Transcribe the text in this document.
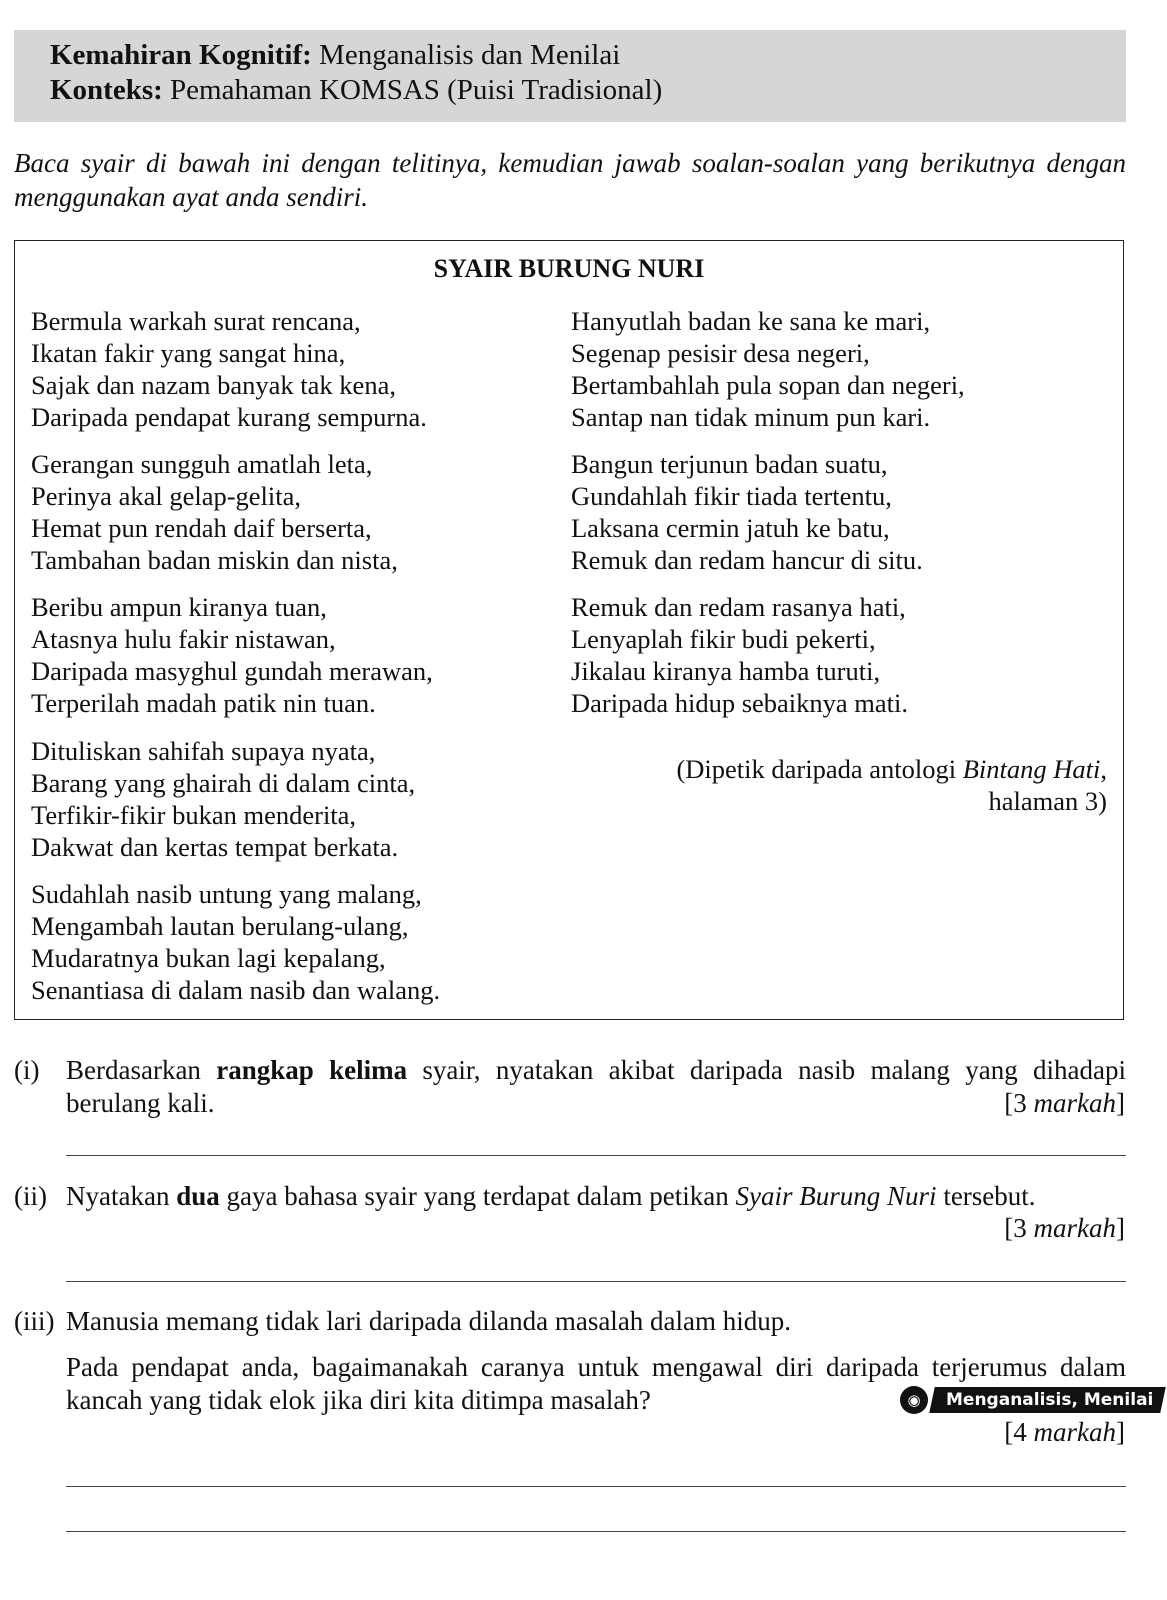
Kemahiran Kognitif: Menganalisis dan Menilai
Konteks: Pemahaman KOMSAS (Puisi Tradisional)
Baca syair di bawah ini dengan telitinya, kemudian jawab soalan-soalan yang berikutnya dengan menggunakan ayat anda sendiri.
SYAIR BURUNG NURI
Bermula warkah surat rencana,
Ikatan fakir yang sangat hina,
Sajak dan nazam banyak tak kena,
Daripada pendapat kurang sempurna.
Gerangan sungguh amatlah leta,
Perinya akal gelap-gelita,
Hemat pun rendah daif berserta,
Tambahan badan miskin dan nista,
Beribu ampun kiranya tuan,
Atasnya hulu fakir nistawan,
Daripada masyghul gundah merawan,
Terperilah madah patik nin tuan.
Dituliskan sahifah supaya nyata,
Barang yang ghairah di dalam cinta,
Terfikir-fikir bukan menderita,
Dakwat dan kertas tempat berkata.
Sudahlah nasib untung yang malang,
Mengambah lautan berulang-ulang,
Mudaratnya bukan lagi kepalang,
Senantiasa di dalam nasib dan walang.
Hanyutlah badan ke sana ke mari,
Segenap pesisir desa negeri,
Bertambahlah pula sopan dan negeri,
Santap nan tidak minum pun kari.
Bangun terjunun badan suatu,
Gundahlah fikir tiada tertentu,
Laksana cermin jatuh ke batu,
Remuk dan redam hancur di situ.
Remuk dan redam rasanya hati,
Lenyaplah fikir budi pekerti,
Jikalau kiranya hamba turuti,
Daripada hidup sebaiknya mati.
(Dipetik daripada antologi Bintang Hati,
halaman 3)
(i) Berdasarkan rangkap kelima syair, nyatakan akibat daripada nasib malang yang dihadapi berulang kali.	[3 markah]
(ii) Nyatakan dua gaya bahasa syair yang terdapat dalam petikan Syair Burung Nuri tersebut.
[3 markah]
(iii) Manusia memang tidak lari daripada dilanda masalah dalam hidup.
Pada pendapat anda, bagaimanakah caranya untuk mengawal diri daripada terjerumus dalam kancah yang tidak elok jika diri kita ditimpa masalah?	◉	Menganalisis, Menilai
[4 markah]
